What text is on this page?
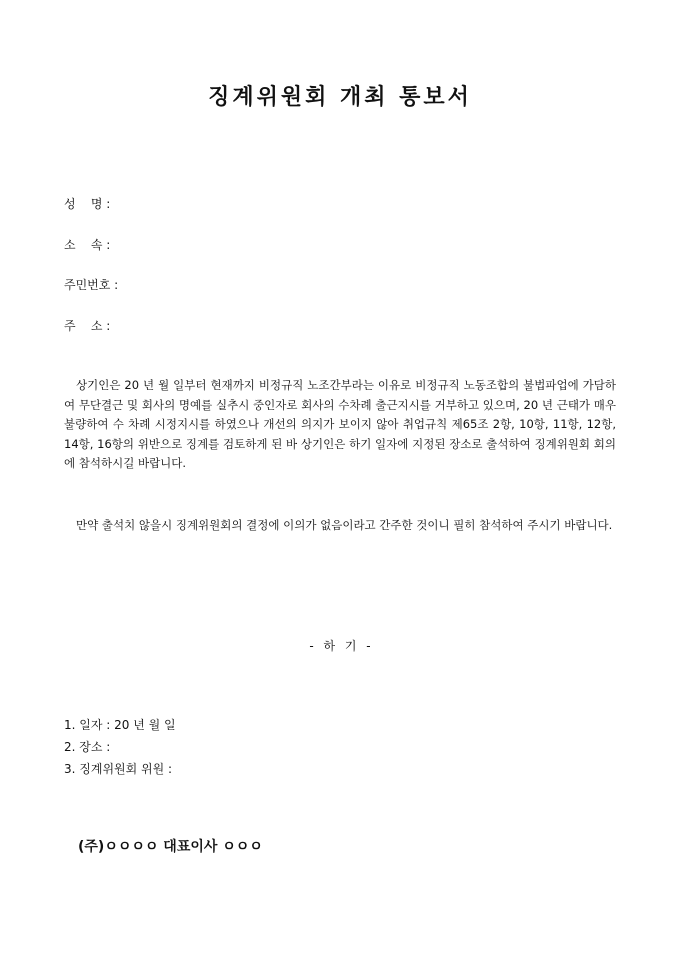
징계위원회 개최 통보서
성    명 :
소    속 :
주민번호 :
주    소 :
상기인은 20 년 월 일부터 현재까지 비정규직 노조간부라는 이유로 비정규직 노동조합의 불법파업에 가담하여 무단결근 및 회사의 명예를 실추시 중인자로 회사의 수차례 출근지시를 거부하고 있으며, 20 년 근태가 매우 불량하여 수 차례 시정지시를 하였으나 개선의 의지가 보이지 않아 취업규칙 제65조 2항, 10항, 11항, 12항, 14항, 16항의 위반으로 징계를 검토하게 된 바 상기인은 하기 일자에 지정된 장소로 출석하여 징계위원회 회의에 참석하시길 바랍니다.
만약 출석치 않을시 징계위원회의 결정에 이의가 없음이라고 간주한 것이니 필히 참석하여 주시기 바랍니다.
- 하 기 -
1. 일자 : 20 년 월 일
2. 장소 :
3. 징계위원회 위원 :
(주)ㅇㅇㅇㅇ 대표이사 ㅇㅇㅇ
